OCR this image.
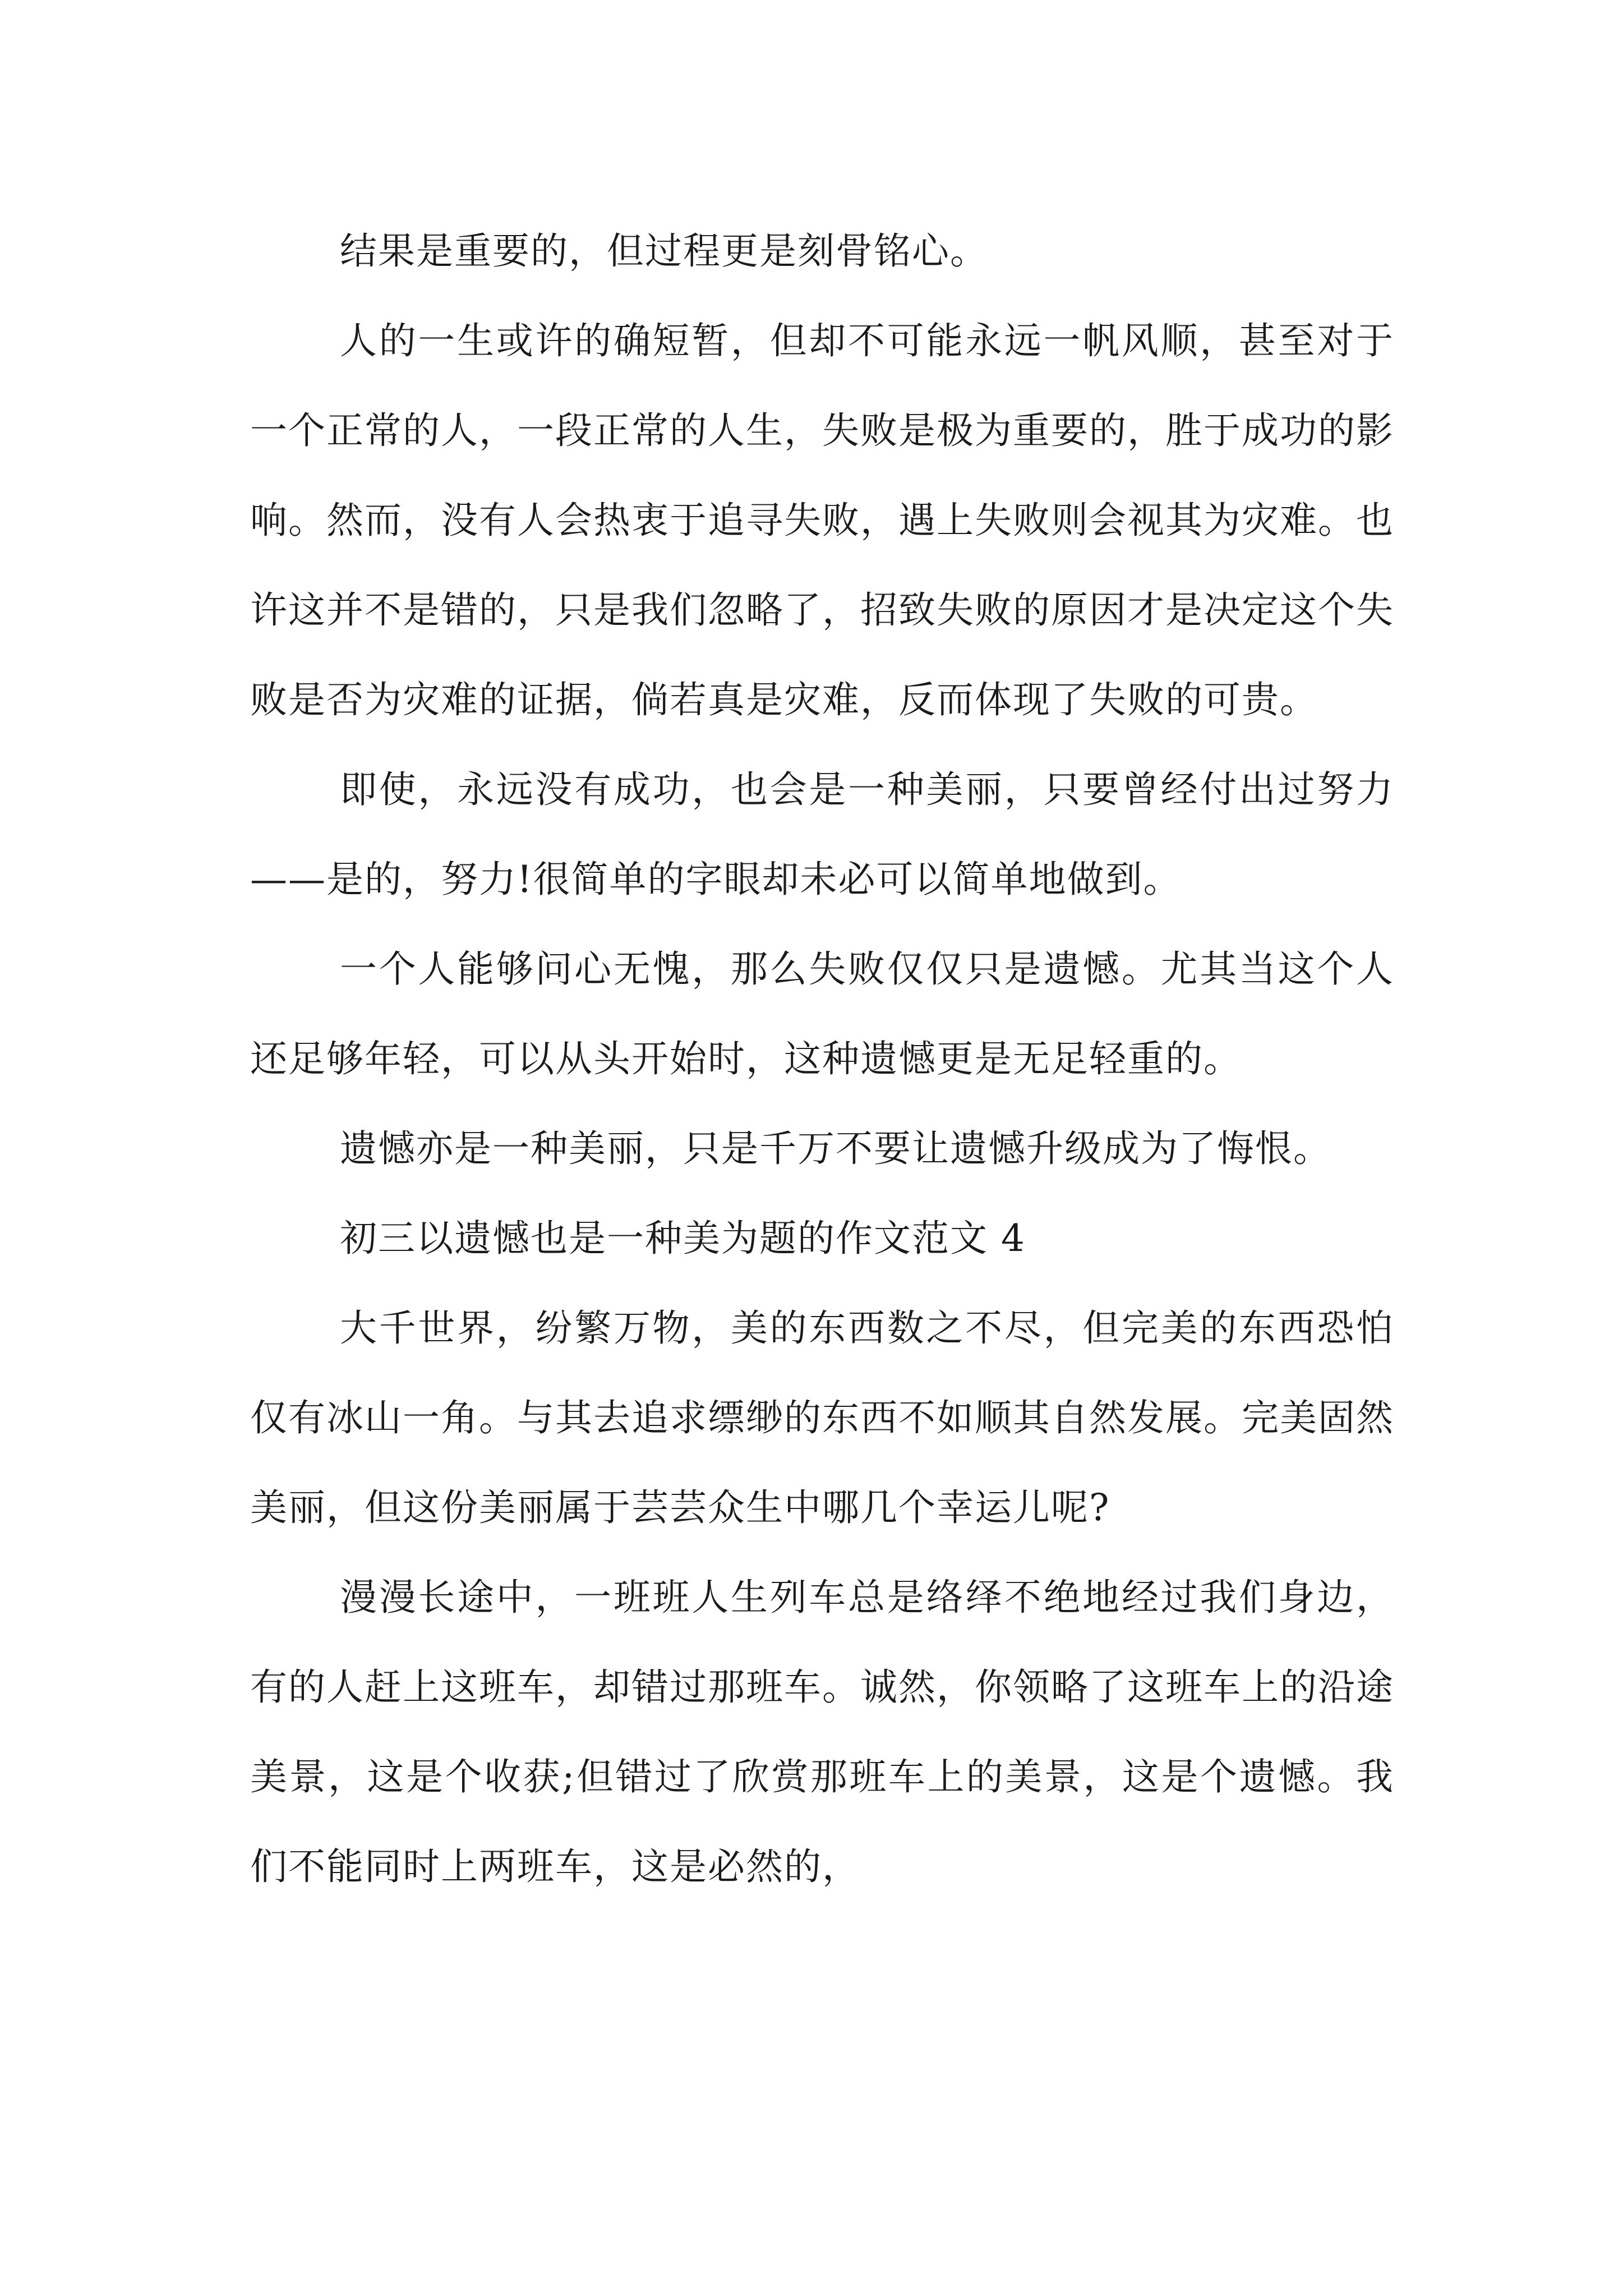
结果是重要的，但过程更是刻骨铭心。

人的一生或许的确短暂，但却不可能永远一帆风顺，甚至对于一个正常的人，一段正常的人生，失败是极为重要的，胜于成功的影响。然而，没有人会热衷于追寻失败，遇上失败则会视其为灾难。也许这并不是错的，只是我们忽略了，招致失败的原因才是决定这个失败是否为灾难的证据，倘若真是灾难，反而体现了失败的可贵。

即使，永远没有成功，也会是一种美丽，只要曾经付出过努力——是的，努力!很简单的字眼却未必可以简单地做到。

一个人能够问心无愧，那么失败仅仅只是遗憾。尤其当这个人还足够年轻，可以从头开始时，这种遗憾更是无足轻重的。

遗憾亦是一种美丽，只是千万不要让遗憾升级成为了悔恨。

初三以遗憾也是一种美为题的作文范文 4

大千世界，纷繁万物，美的东西数之不尽，但完美的东西恐怕仅有冰山一角。与其去追求缥缈的东西不如顺其自然发展。完美固然美丽，但这份美丽属于芸芸众生中哪几个幸运儿呢?

漫漫长途中，一班班人生列车总是络绎不绝地经过我们身边，有的人赶上这班车，却错过那班车。诚然，你领略了这班车上的沿途美景，这是个收获;但错过了欣赏那班车上的美景，这是个遗憾。我们不能同时上两班车，这是必然的，
